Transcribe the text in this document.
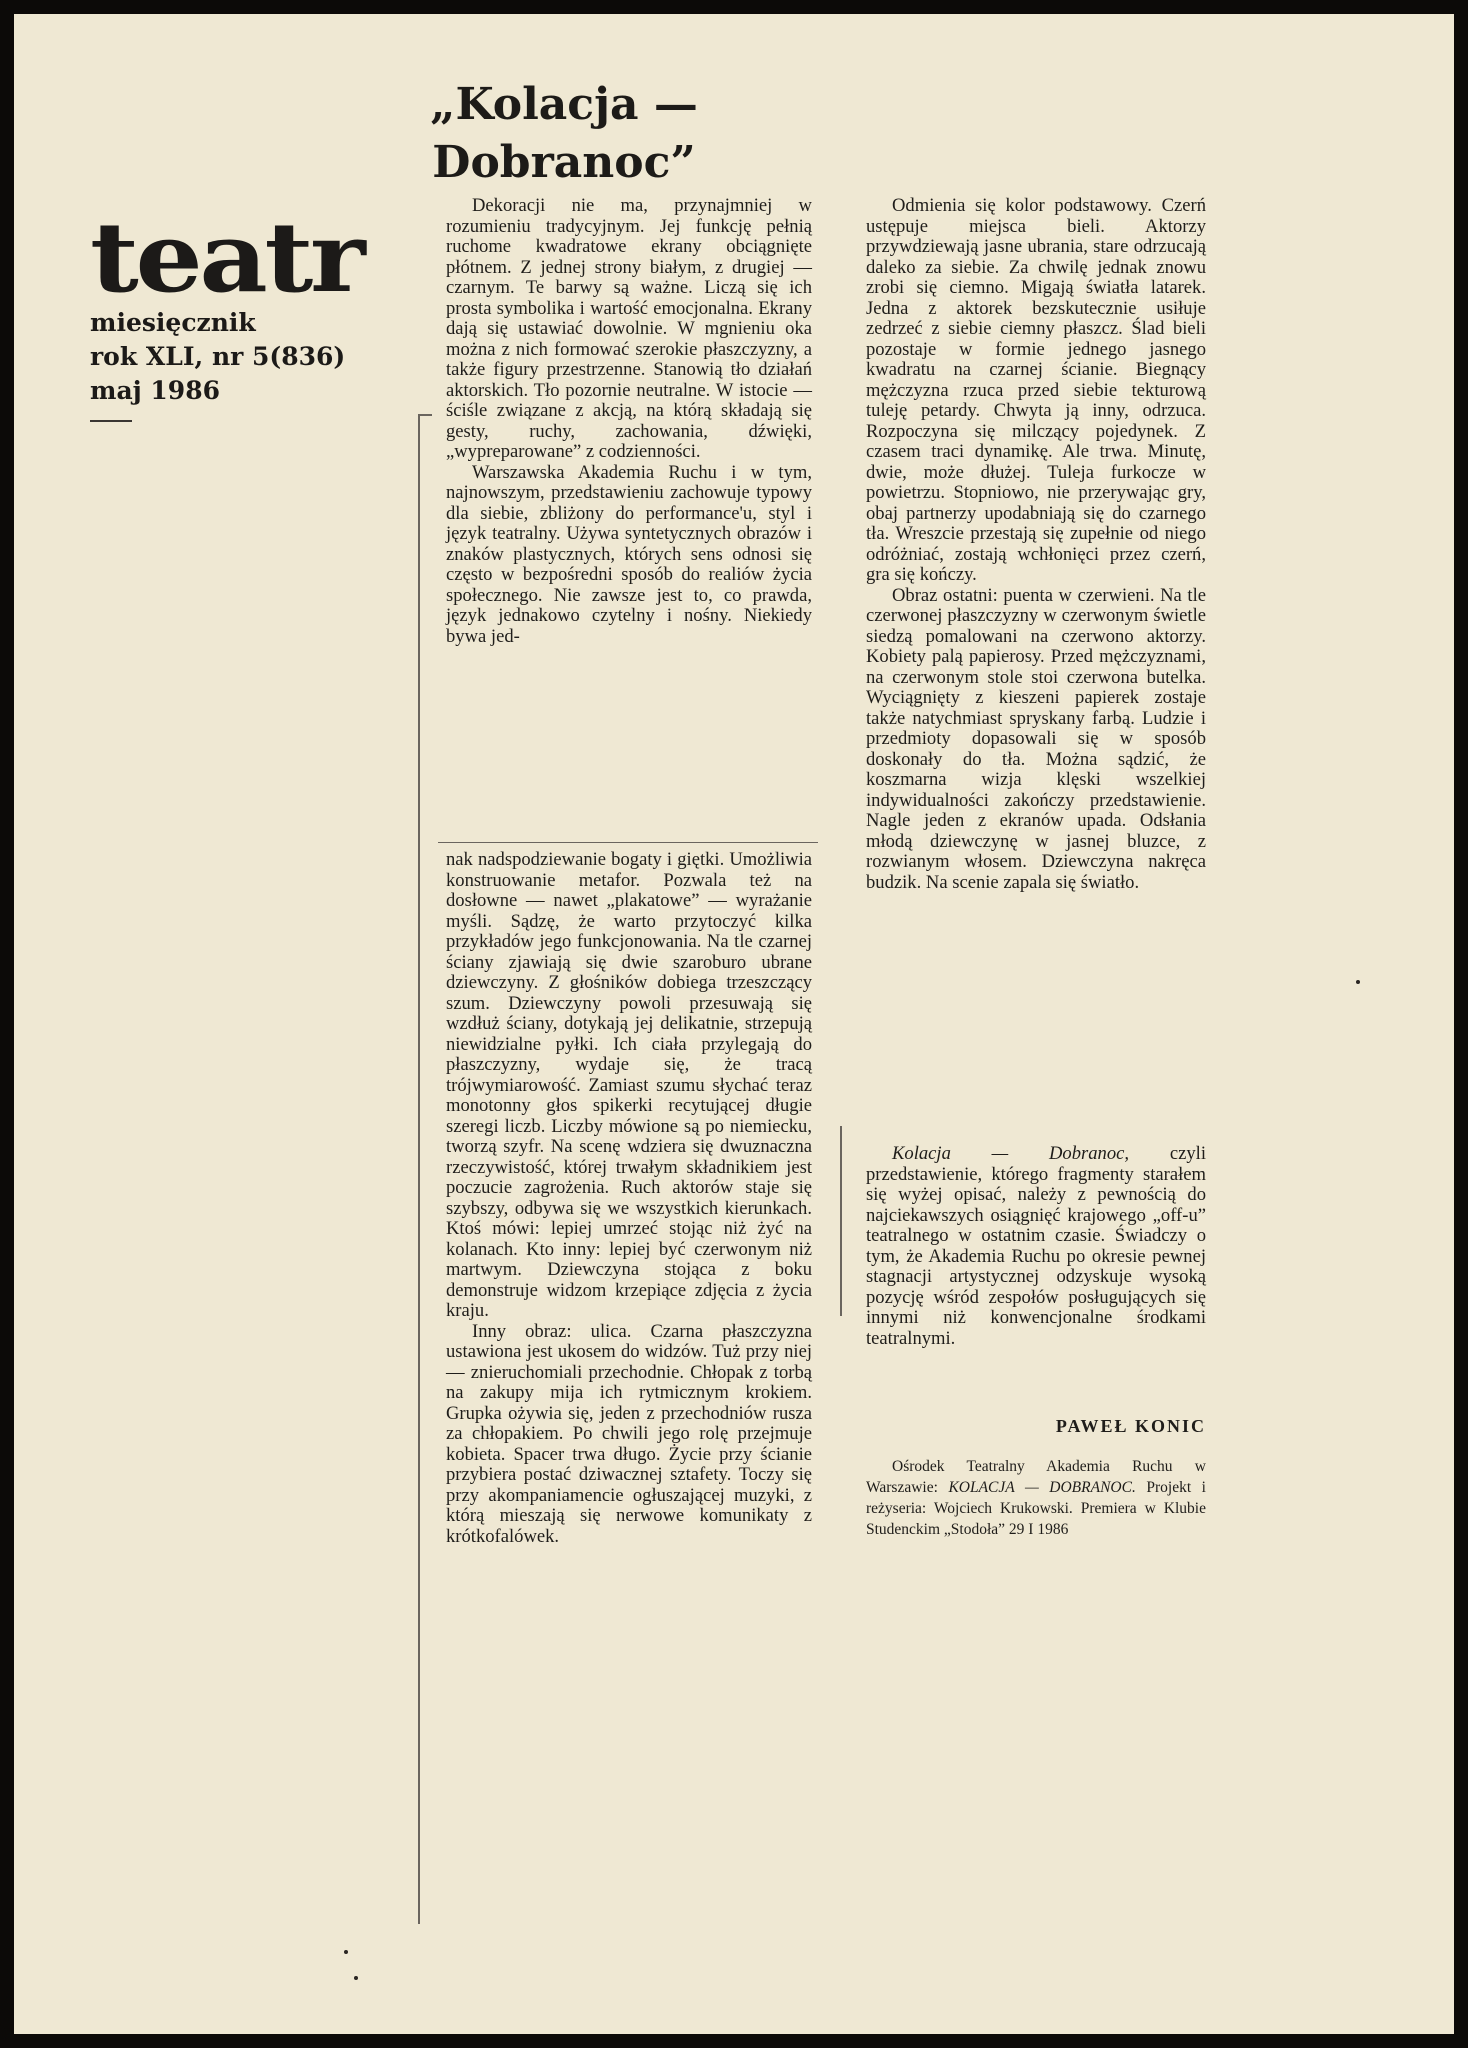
teatr
miesięcznik
rok XLI, nr 5(836)
maj 1986
„Kolacja —
Dobranoc”

Dekoracji nie ma, przynajmniej w rozumieniu tradycyjnym. Jej funkcję pełnią ruchome kwadratowe ekrany obciągnięte płótnem. Z jednej strony białym, z drugiej — czarnym. Te barwy są ważne. Liczą się ich prosta symbolika i wartość emocjonalna. Ekrany dają się ustawiać dowolnie. W mgnieniu oka można z nich formować szerokie płaszczyzny, a także figury przestrzenne. Stanowią tło działań aktorskich. Tło pozornie neutralne. W istocie — ściśle związane z akcją, na którą składają się gesty, ruchy, zachowania, dźwięki, „wypreparowane” z codzienności.

Warszawska Akademia Ruchu i w tym, najnowszym, przedstawieniu zachowuje typowy dla siebie, zbliżony do performance'u, styl i język teatralny. Używa syntetycznych obrazów i znaków plastycznych, których sens odnosi się często w bezpośredni sposób do realiów życia społecznego. Nie zawsze jest to, co prawda, język jednakowo czytelny i nośny. Niekiedy bywa jed-

nak nadspodziewanie bogaty i giętki. Umożliwia konstruowanie metafor. Pozwala też na dosłowne — nawet „plakatowe” — wyrażanie myśli. Sądzę, że warto przytoczyć kilka przykładów jego funkcjonowania. Na tle czarnej ściany zjawiają się dwie szaroburo ubrane dziewczyny. Z głośników dobiega trzeszczący szum. Dziewczyny powoli przesuwają się wzdłuż ściany, dotykają jej delikatnie, strzepują niewidzialne pyłki. Ich ciała przylegają do płaszczyzny, wydaje się, że tracą trójwymiarowość. Zamiast szumu słychać teraz monotonny głos spikerki recytującej długie szeregi liczb. Liczby mówione są po niemiecku, tworzą szyfr. Na scenę wdziera się dwuznaczna rzeczywistość, której trwałym składnikiem jest poczucie zagrożenia. Ruch aktorów staje się szybszy, odbywa się we wszystkich kierunkach. Ktoś mówi: lepiej umrzeć stojąc niż żyć na kolanach. Kto inny: lepiej być czerwonym niż martwym. Dziewczyna stojąca z boku demonstruje widzom krzepiące zdjęcia z życia kraju.

Inny obraz: ulica. Czarna płaszczyzna ustawiona jest ukosem do widzów. Tuż przy niej — znieruchomiali przechodnie. Chłopak z torbą na zakupy mija ich rytmicznym krokiem. Grupka ożywia się, jeden z przechodniów rusza za chłopakiem. Po chwili jego rolę przejmuje kobieta. Spacer trwa długo. Życie przy ścianie przybiera postać dziwacznej sztafety. Toczy się przy akompaniamencie ogłuszającej muzyki, z którą mieszają się nerwowe komunikaty z krótkofalówek.

Odmienia się kolor podstawowy. Czerń ustępuje miejsca bieli. Aktorzy przywdziewają jasne ubrania, stare odrzucają daleko za siebie. Za chwilę jednak znowu zrobi się ciemno. Migają światła latarek. Jedna z aktorek bezskutecznie usiłuje zedrzeć z siebie ciemny płaszcz. Ślad bieli pozostaje w formie jednego jasnego kwadratu na czarnej ścianie. Biegnący mężczyzna rzuca przed siebie tekturową tuleję petardy. Chwyta ją inny, odrzuca. Rozpoczyna się milczący pojedynek. Z czasem traci dynamikę. Ale trwa. Minutę, dwie, może dłużej. Tuleja furkocze w powietrzu. Stopniowo, nie przerywając gry, obaj partnerzy upodabniają się do czarnego tła. Wreszcie przestają się zupełnie od niego odróżniać, zostają wchłonięci przez czerń, gra się kończy.

Obraz ostatni: puenta w czerwieni. Na tle czerwonej płaszczyzny w czerwonym świetle siedzą pomalowani na czerwono aktorzy. Kobiety palą papierosy. Przed mężczyznami, na czerwonym stole stoi czerwona butelka. Wyciągnięty z kieszeni papierek zostaje także natychmiast spryskany farbą. Ludzie i przedmioty dopasowali się w sposób doskonały do tła. Można sądzić, że koszmarna wizja klęski wszelkiej indywidualności zakończy przedstawienie. Nagle jeden z ekranów upada. Odsłania młodą dziewczynę w jasnej bluzce, z rozwianym włosem. Dziewczyna nakręca budzik. Na scenie zapala się światło.

Kolacja — Dobranoc, czyli przedstawienie, którego fragmenty starałem się wyżej opisać, należy z pewnością do najciekawszych osiągnięć krajowego „off-u” teatralnego w ostatnim czasie. Świadczy o tym, że Akademia Ruchu po okresie pewnej stagnacji artystycznej odzyskuje wysoką pozycję wśród zespołów posługujących się innymi niż konwencjonalne środkami teatralnymi.

PAWEŁ KONIC

Ośrodek Teatralny Akademia Ruchu w Warszawie: KOLACJA — DOBRANOC. Projekt i reżyseria: Wojciech Krukowski. Premiera w Klubie Studenckim „Stodoła” 29 I 1986
